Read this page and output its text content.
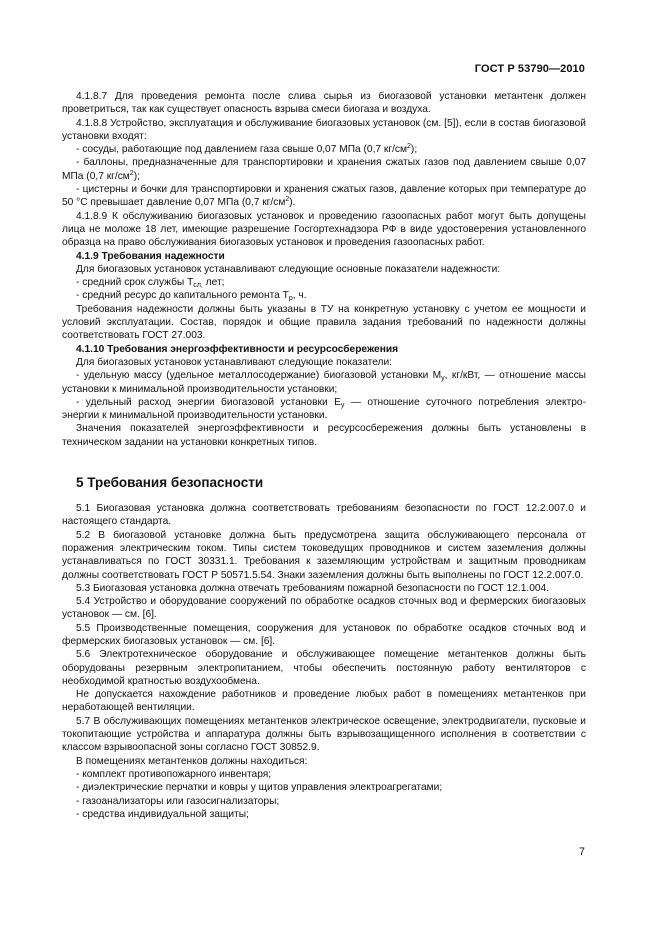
ГОСТ Р 53790—2010

4.1.8.7 Для проведения ремонта после слива сырья из биогазовой установки метантенк должен проветриться, так как существует опасность взрыва смеси биогаза и воздуха.

4.1.8.8 Устройство, эксплуатация и обслуживание биогазовых установок (см. [5]), если в состав биогазовой установки входят:

- сосуды, работающие под давлением газа свыше 0,07 МПа (0,7 $кг/см^2$);

- баллоны, предназначенные для транспортировки и хранения сжатых газов под давлением свыше 0,07 МПа (0,7 $кг/см^2$);

- цистерны и бочки для транспортировки и хранения сжатых газов, давление которых при температуре до 50 °С превышает давление 0,07 МПа (0,7 $кг/см^2$).

4.1.8.9 К обслуживанию биогазовых установок и проведению газоопасных работ могут быть допущены лица не моложе 18 лет, имеющие разрешение Госгортехнадзора РФ в виде удостоверения установленного образца на право обслуживания биогазовых установок и проведения газоопасных работ.

4.1.9 Требования надежности

Для биогазовых установок устанавливают следующие основные показатели надежности:

- средний срок службы $Т_{сл,}$ лет;

- средний ресурс до капитального ремонта $Т_р$, ч.

Требования надежности должны быть указаны в ТУ на конкретную установку с учетом ее мощности и условий эксплуатации. Состав, порядок и общие правила задания требований по надежности должны соответствовать ГОСТ 27.003.

4.1.10 Требования энергоэффективности и ресурсосбережения

Для биогазовых установок устанавливают следующие показатели:

- удельную массу (удельное металлосодержание) биогазовой установки $М_у$, кг/кВт, — отношение массы установки к минимальной производительности установки;

- удельный расход энергии биогазовой установки $Е_у$ — отношение суточного потребления электро- энергии к минимальной производительности установки.

Значения показателей энергоэффективности и ресурсосбережения должны быть установлены в техническом задании на установки конкретных типов.

5 Требования безопасности

5.1 Биогазовая установка должна соответствовать требованиям безопасности по ГОСТ 12.2.007.0 и настоящего стандарта.

5.2 В биогазовой установке должна быть предусмотрена защита обслуживающего персонала от поражения электрическим током. Типы систем токоведущих проводников и систем заземления должны устанавливаться по ГОСТ 30331.1. Требования к заземляющим устройствам и защитным проводникам должны соответствовать ГОСТ Р 50571.5.54. Знаки заземления должны быть выполнены по ГОСТ 12.2.007.0.

5.3 Биогазовая установка должна отвечать требованиям пожарной безопасности по ГОСТ 12.1.004.

5.4 Устройство и оборудование сооружений по обработке осадков сточных вод и фермерских биогазовых установок — см. [6].

5.5 Производственные помещения, сооружения для установок по обработке осадков сточных вод и фермерских биогазовых установок — см. [6].

5.6 Электротехническое оборудование и обслуживающее помещение метантенков должны быть оборудованы резервным электропитанием, чтобы обеспечить постоянную работу вентиляторов с необходимой кратностью воздухообмена.

Не допускается нахождение работников и проведение любых работ в помещениях метантенков при неработающей вентиляции.

5.7 В обслуживающих помещениях метантенков электрическое освещение, электродвигатели, пусковые и токопитающие устройства и аппаратура должны быть взрывозащищенного исполнения в соответствии с классом взрывоопасной зоны согласно ГОСТ 30852.9.

В помещениях метантенков должны находиться:

- комплект противопожарного инвентаря;

- диэлектрические перчатки и ковры у щитов управления электроагрегатами;

- газоанализаторы или газосигнализаторы;

- средства индивидуальной защиты;

7
